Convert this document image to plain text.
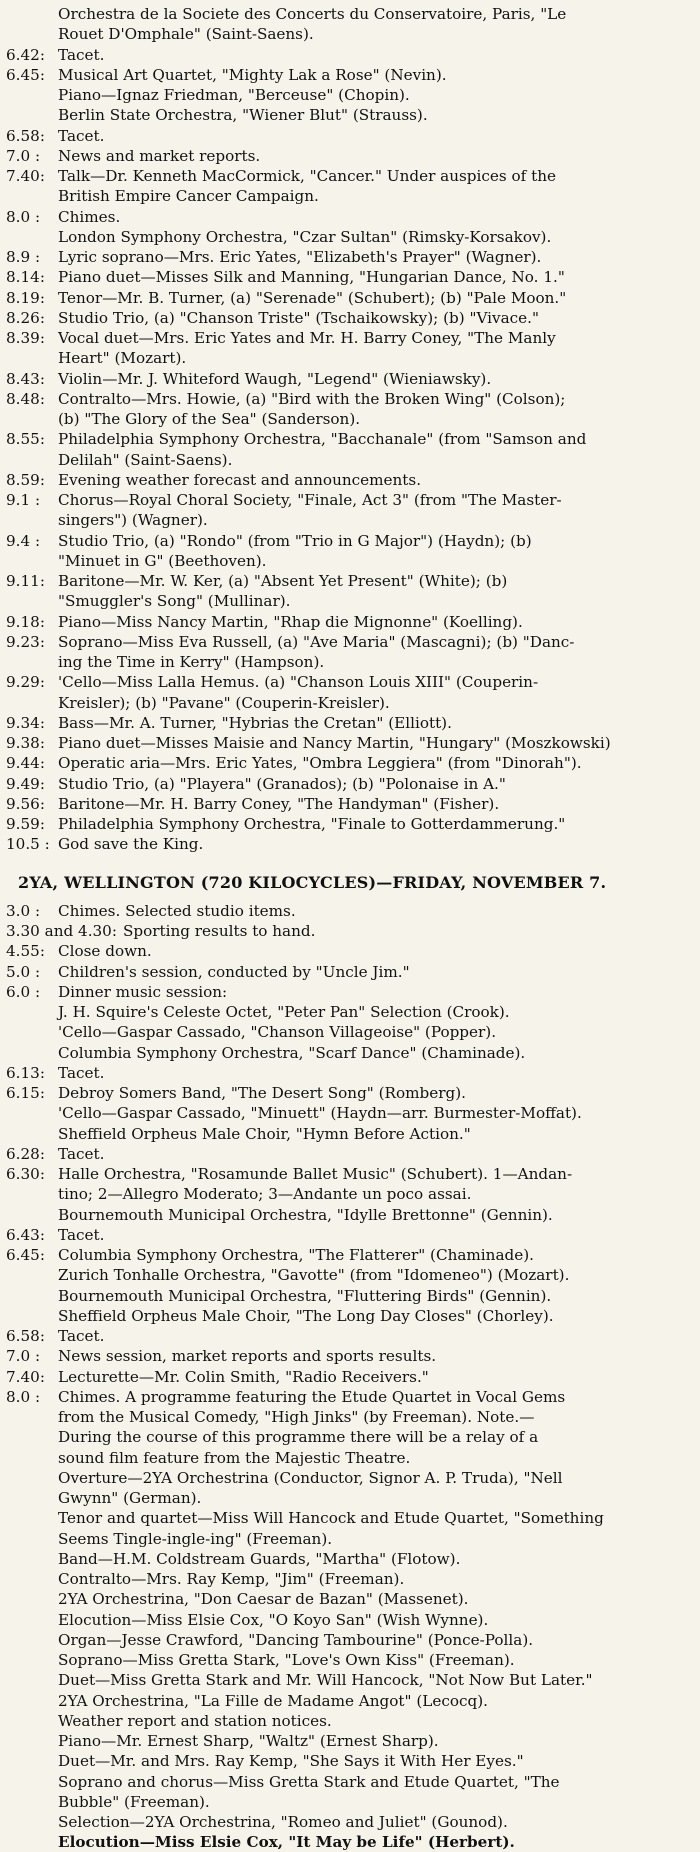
Orchestra de la Societe des Concerts du Conservatoire, Paris, "Le
Rouet D'Omphale" (Saint-Saens).
6.42: Tacet.
6.45: Musical Art Quartet, "Mighty Lak a Rose" (Nevin).
Piano—Ignaz Friedman, "Berceuse" (Chopin).
Berlin State Orchestra, "Wiener Blut" (Strauss).
6.58: Tacet.
7.0 : News and market reports.
7.40: Talk—Dr. Kenneth MacCormick, "Cancer." Under auspices of the
British Empire Cancer Campaign.
8.0 : Chimes.
London Symphony Orchestra, "Czar Sultan" (Rimsky-Korsakov).
8.9 : Lyric soprano—Mrs. Eric Yates, "Elizabeth's Prayer" (Wagner).
8.14: Piano duet—Misses Silk and Manning, "Hungarian Dance, No. 1."
8.19: Tenor—Mr. B. Turner, (a) "Serenade" (Schubert); (b) "Pale Moon."
8.26: Studio Trio, (a) "Chanson Triste" (Tschaikowsky); (b) "Vivace."
8.39: Vocal duet—Mrs. Eric Yates and Mr. H. Barry Coney, "The Manly
Heart" (Mozart).
8.43: Violin—Mr. J. Whiteford Waugh, "Legend" (Wieniawsky).
8.48: Contralto—Mrs. Howie, (a) "Bird with the Broken Wing" (Colson);
(b) "The Glory of the Sea" (Sanderson).
8.55: Philadelphia Symphony Orchestra, "Bacchanale" (from "Samson and
Delilah" (Saint-Saens).
8.59: Evening weather forecast and announcements.
9.1 : Chorus—Royal Choral Society, "Finale, Act 3" (from "The Master-
singers") (Wagner).
9.4 : Studio Trio, (a) "Rondo" (from "Trio in G Major") (Haydn); (b)
"Minuet in G" (Beethoven).
9.11: Baritone—Mr. W. Ker, (a) "Absent Yet Present" (White); (b)
"Smuggler's Song" (Mullinar).
9.18: Piano—Miss Nancy Martin, "Rhap die Mignonne" (Koelling).
9.23: Soprano—Miss Eva Russell, (a) "Ave Maria" (Mascagni); (b) "Danc-
ing the Time in Kerry" (Hampson).
9.29: 'Cello—Miss Lalla Hemus. (a) "Chanson Louis XIII" (Couperin-
Kreisler); (b) "Pavane" (Couperin-Kreisler).
9.34: Bass—Mr. A. Turner, "Hybrias the Cretan" (Elliott).
9.38: Piano duet—Misses Maisie and Nancy Martin, "Hungary" (Moszkowski)
9.44: Operatic aria—Mrs. Eric Yates, "Ombra Leggiera" (from "Dinorah").
9.49: Studio Trio, (a) "Playera" (Granados); (b) "Polonaise in A."
9.56: Baritone—Mr. H. Barry Coney, "The Handyman" (Fisher).
9.59: Philadelphia Symphony Orchestra, "Finale to Gotterdammerung."
10.5 : God save the King.
2YA, WELLINGTON (720 KILOCYCLES)—FRIDAY, NOVEMBER 7.
3.0 : Chimes. Selected studio items.
3.30 and 4.30: Sporting results to hand.
4.55: Close down.
5.0 : Children's session, conducted by "Uncle Jim."
6.0 : Dinner music session:
J. H. Squire's Celeste Octet, "Peter Pan" Selection (Crook).
'Cello—Gaspar Cassado, "Chanson Villageoise" (Popper).
Columbia Symphony Orchestra, "Scarf Dance" (Chaminade).
6.13: Tacet.
6.15: Debroy Somers Band, "The Desert Song" (Romberg).
'Cello—Gaspar Cassado, "Minuett" (Haydn—arr. Burmester-Moffat).
Sheffield Orpheus Male Choir, "Hymn Before Action."
6.28: Tacet.
6.30: Halle Orchestra, "Rosamunde Ballet Music" (Schubert). 1—Andan-
tino; 2—Allegro Moderato; 3—Andante un poco assai.
Bournemouth Municipal Orchestra, "Idylle Brettonne" (Gennin).
6.43: Tacet.
6.45: Columbia Symphony Orchestra, "The Flatterer" (Chaminade).
Zurich Tonhalle Orchestra, "Gavotte" (from "Idomeneo") (Mozart).
Bournemouth Municipal Orchestra, "Fluttering Birds" (Gennin).
Sheffield Orpheus Male Choir, "The Long Day Closes" (Chorley).
6.58: Tacet.
7.0 : News session, market reports and sports results.
7.40: Lecturette—Mr. Colin Smith, "Radio Receivers."
8.0 : Chimes. A programme featuring the Etude Quartet in Vocal Gems
from the Musical Comedy, "High Jinks" (by Freeman). Note.—
During the course of this programme there will be a relay of a
sound film feature from the Majestic Theatre.
Overture—2YA Orchestrina (Conductor, Signor A. P. Truda), "Nell
Gwynn" (German).
Tenor and quartet—Miss Will Hancock and Etude Quartet, "Something
Seems Tingle-ingle-ing" (Freeman).
Band—H.M. Coldstream Guards, "Martha" (Flotow).
Contralto—Mrs. Ray Kemp, "Jim" (Freeman).
2YA Orchestrina, "Don Caesar de Bazan" (Massenet).
Elocution—Miss Elsie Cox, "O Koyo San" (Wish Wynne).
Organ—Jesse Crawford, "Dancing Tambourine" (Ponce-Polla).
Soprano—Miss Gretta Stark, "Love's Own Kiss" (Freeman).
Duet—Miss Gretta Stark and Mr. Will Hancock, "Not Now But Later."
2YA Orchestrina, "La Fille de Madame Angot" (Lecocq).
Weather report and station notices.
Piano—Mr. Ernest Sharp, "Waltz" (Ernest Sharp).
Duet—Mr. and Mrs. Ray Kemp, "She Says it With Her Eyes."
Soprano and chorus—Miss Gretta Stark and Etude Quartet, "The
Bubble" (Freeman).
Selection—2YA Orchestrina, "Romeo and Juliet" (Gounod).
Elocution—Miss Elsie Cox, "It May be Life" (Herbert).
